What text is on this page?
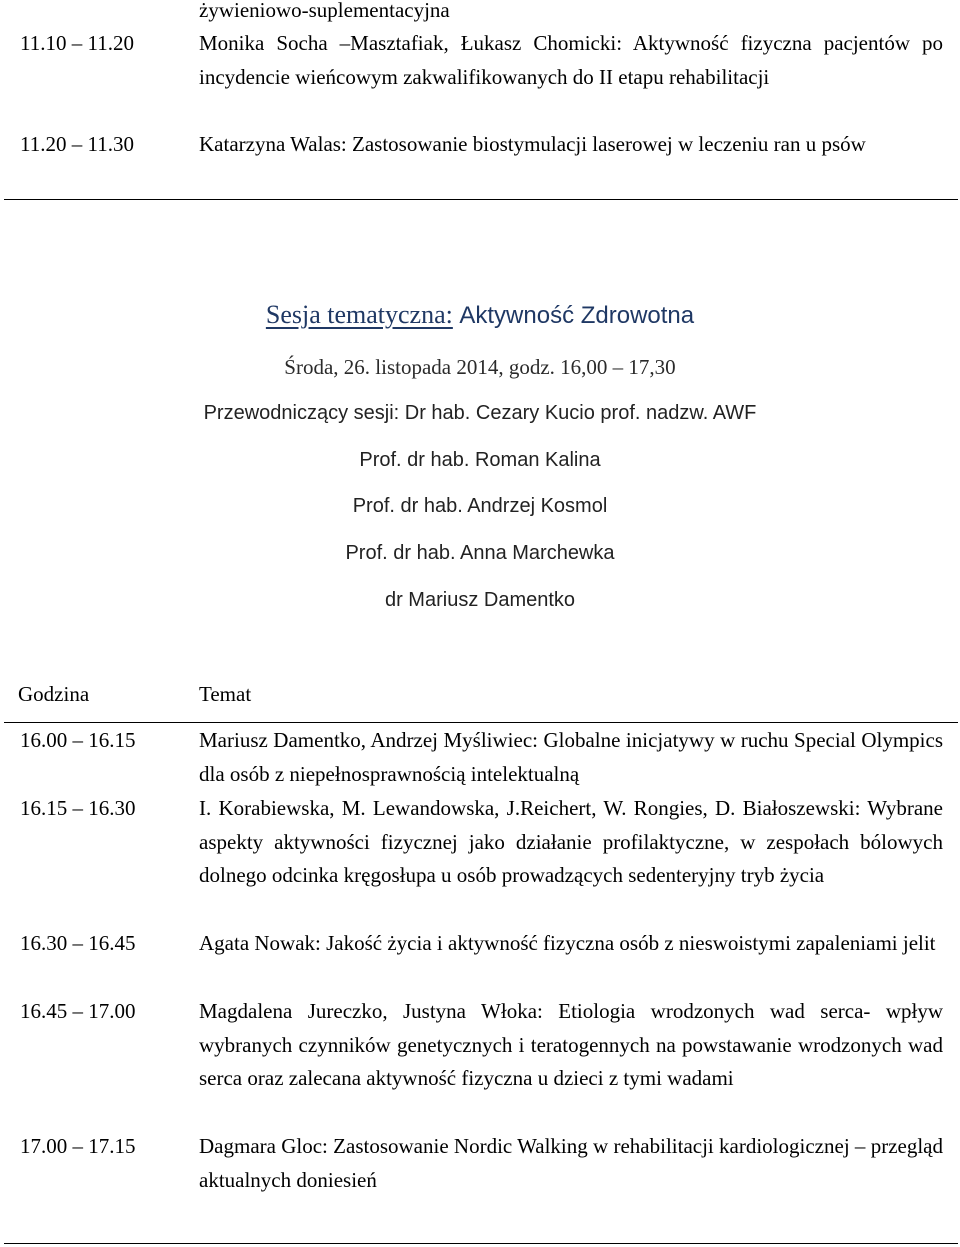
żywieniowo-suplementacyjna
11.10 – 11.20	Monika Socha –Masztafiak, Łukasz Chomicki: Aktywność fizyczna pacjentów po incydencie wieńcowym zakwalifikowanych do II etapu rehabilitacji
11.20 – 11.30	Katarzyna Walas: Zastosowanie biostymulacji laserowej w leczeniu ran u psów
Sesja tematyczna: Aktywność Zdrowotna
Środa, 26. listopada 2014, godz. 16,00 – 17,30
Przewodniczący sesji: Dr hab. Cezary Kucio prof. nadzw. AWF
Prof. dr hab. Roman Kalina
Prof. dr hab. Andrzej Kosmol
Prof. dr hab. Anna Marchewka
dr Mariusz Damentko
Godzina	Temat
16.00 – 16.15	Mariusz Damentko, Andrzej Myśliwiec: Globalne inicjatywy w ruchu Special Olympics dla osób z niepełnosprawnością intelektualną
16.15 – 16.30	I. Korabiewska, M. Lewandowska, J.Reichert, W. Rongies, D. Białoszewski: Wybrane aspekty aktywności fizycznej jako działanie profilaktyczne, w zespołach bólowych dolnego odcinka kręgosłupa u osób prowadzących sedenteryjny tryb życia
16.30 – 16.45	Agata Nowak: Jakość życia i aktywność fizyczna osób z nieswoistymi zapaleniami jelit
16.45 – 17.00	Magdalena Jureczko, Justyna Włoka: Etiologia wrodzonych wad serca- wpływ wybranych czynników genetycznych i teratogennych na powstawanie wrodzonych wad serca oraz zalecana aktywność fizyczna u dzieci z tymi wadami
17.00 – 17.15	Dagmara Gloc: Zastosowanie Nordic Walking w rehabilitacji kardiologicznej – przegląd aktualnych doniesień
